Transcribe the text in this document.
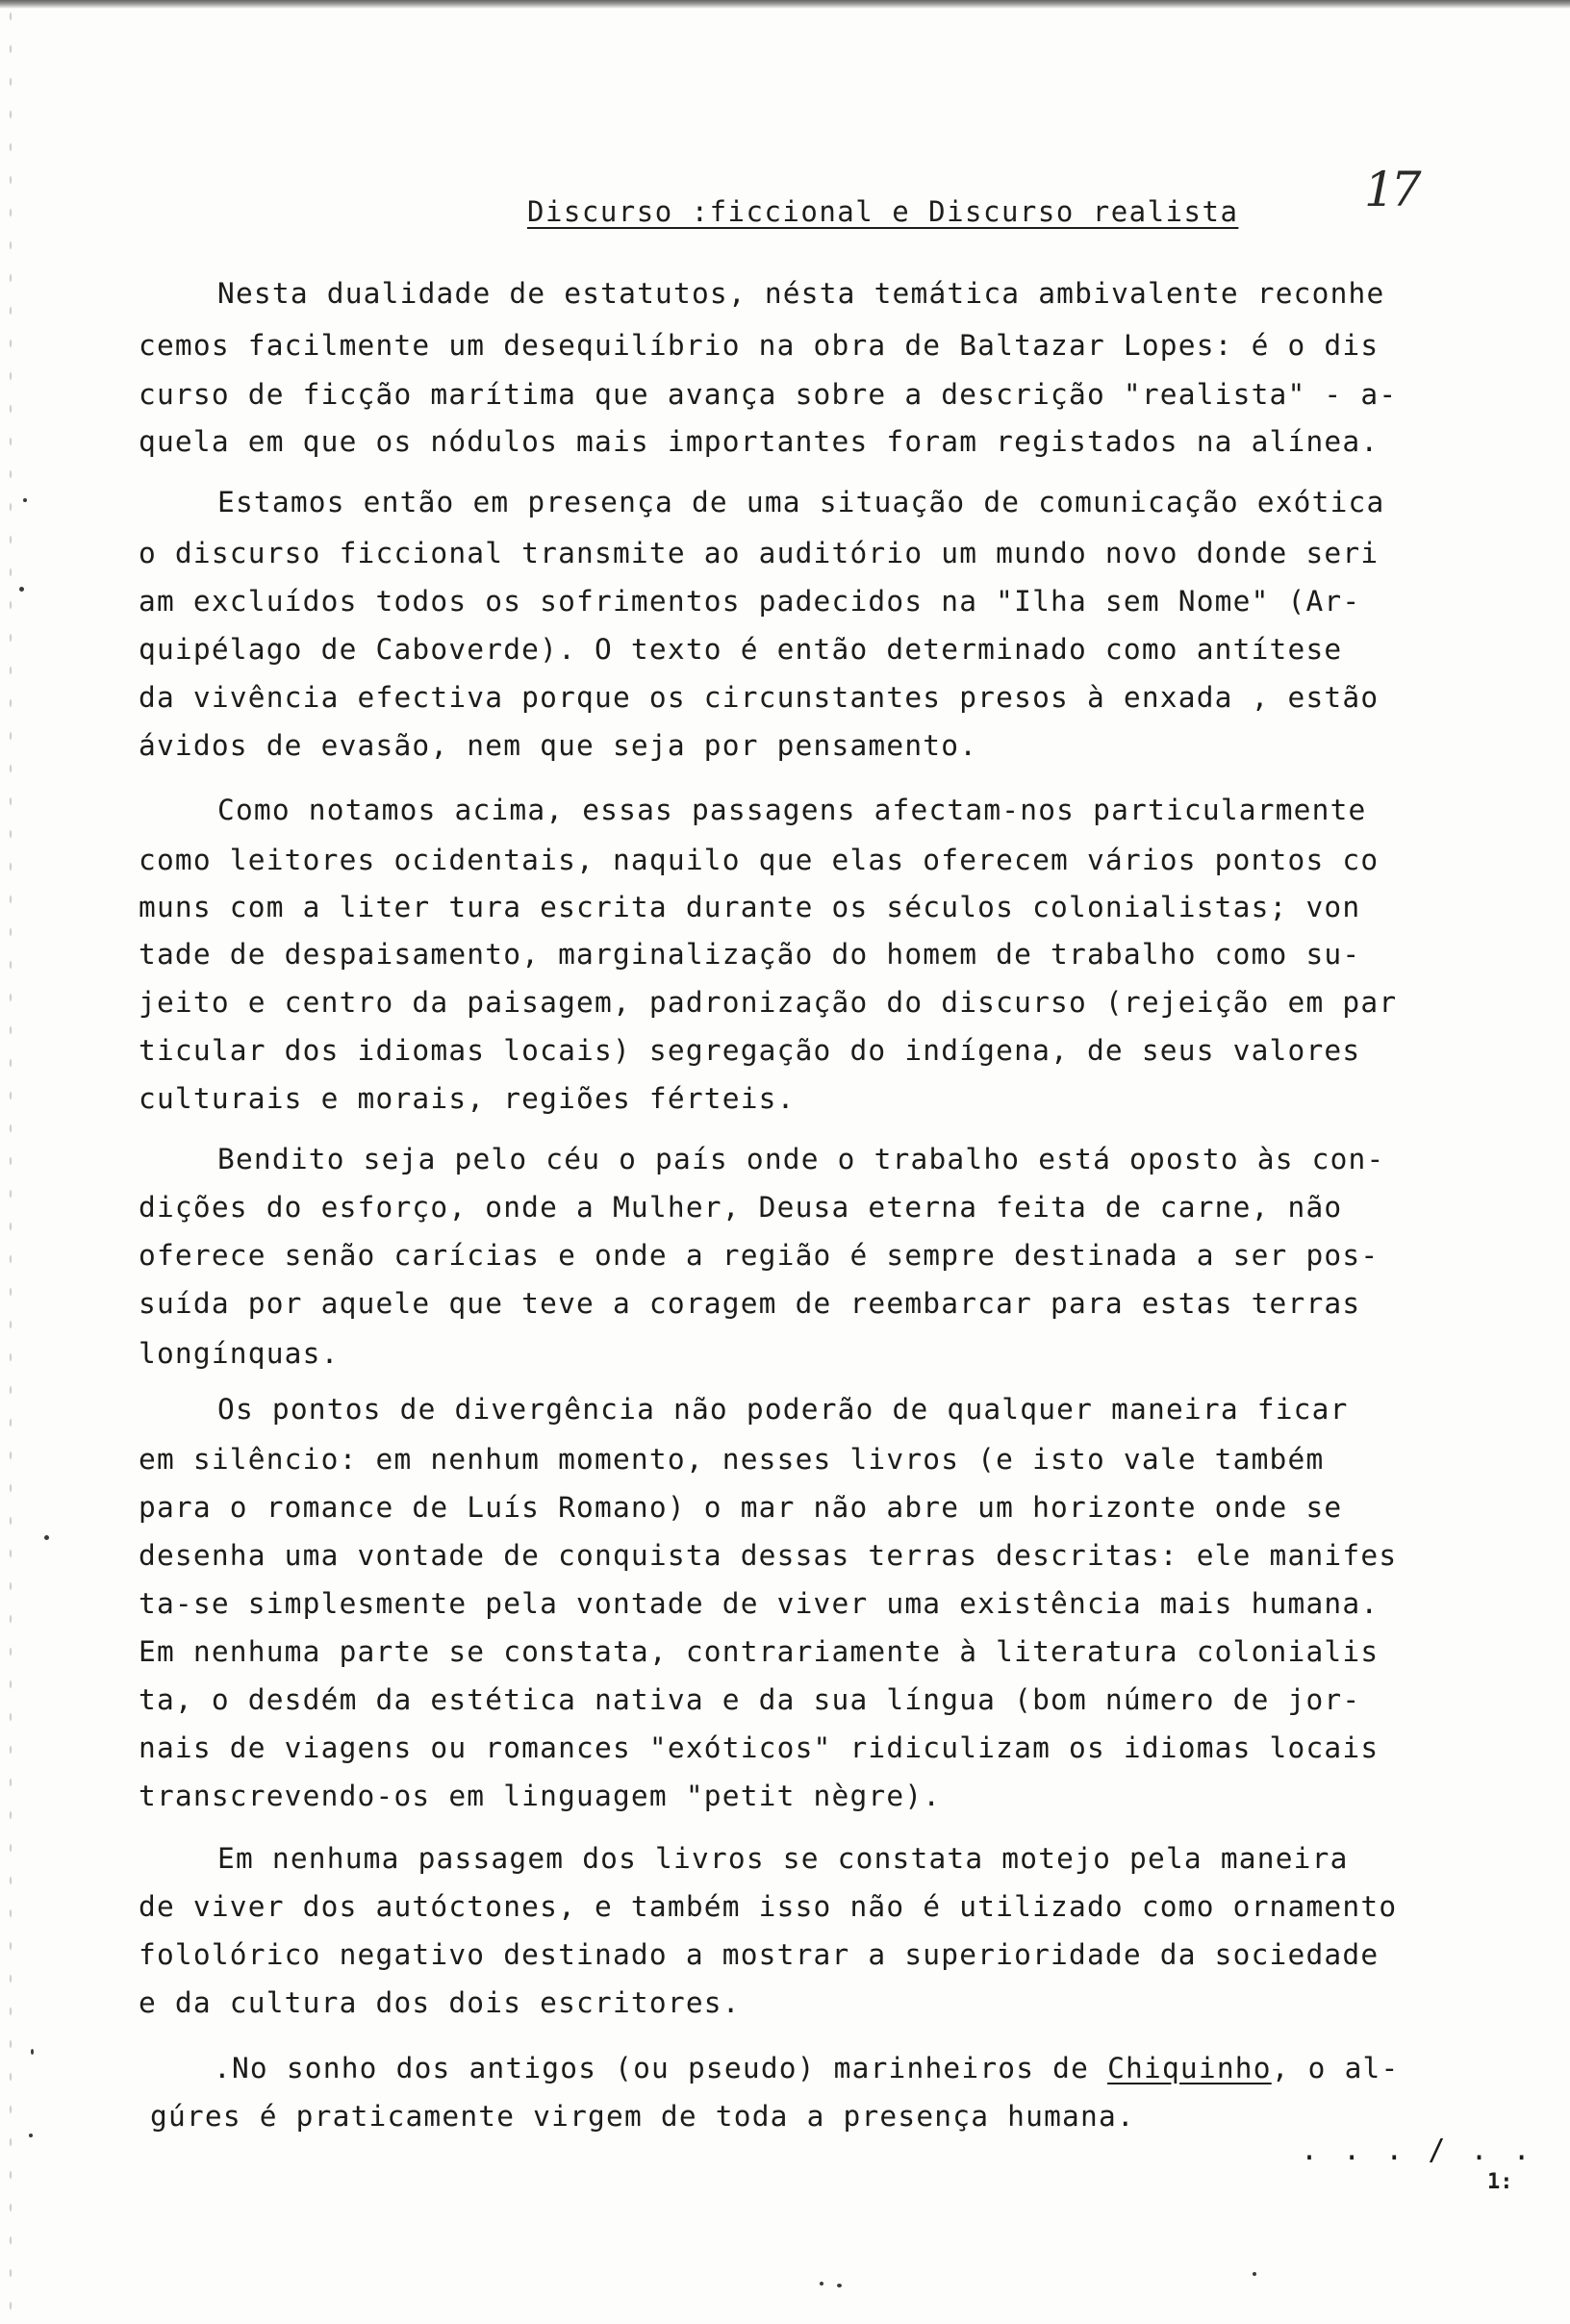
17
Discurso :ficcional e Discurso realista
Nesta dualidade de estatutos, nésta temática ambivalente reconhe
cemos facilmente um desequilíbrio na obra de Baltazar Lopes: é o dis
curso de ficção marítima que avança sobre a descrição "realista" - a-
quela em que os nódulos mais importantes foram registados na alínea.
Estamos então em presença de uma situação de comunicação exótica
o discurso ficcional transmite ao auditório um mundo novo donde seri
am excluídos todos os sofrimentos padecidos na "Ilha sem Nome" (Ar-
quipélago de Caboverde). O texto é então determinado como antítese
da vivência efectiva porque os circunstantes presos à enxada , estão
ávidos de evasão, nem que seja por pensamento.
Como notamos acima, essas passagens afectam-nos particularmente
como leitores ocidentais, naquilo que elas oferecem vários pontos co
muns com a liter tura escrita durante os séculos colonialistas; von
tade de despaisamento, marginalização do homem de trabalho como su-
jeito e centro da paisagem, padronização do discurso (rejeição em par
ticular dos idiomas locais) segregação do indígena, de seus valores
culturais e morais, regiões férteis.
Bendito seja pelo céu o país onde o trabalho está oposto às con-
dições do esforço, onde a Mulher, Deusa eterna feita de carne, não
oferece senão carícias e onde a região é sempre destinada a ser pos-
suída por aquele que teve a coragem de reembarcar para estas terras
longínquas.
Os pontos de divergência não poderão de qualquer maneira ficar
em silêncio: em nenhum momento, nesses livros (e isto vale também
para o romance de Luís Romano) o mar não abre um horizonte onde se
desenha uma vontade de conquista dessas terras descritas: ele manifes
ta-se simplesmente pela vontade de viver uma existência mais humana.
Em nenhuma parte se constata, contrariamente à literatura colonialis
ta, o desdém da estética nativa e da sua língua (bom número de jor-
nais de viagens ou romances "exóticos" ridiculizam os idiomas locais
transcrevendo-os em linguagem "petit nègre).
Em nenhuma passagem dos livros se constata motejo pela maneira
de viver dos autóctones, e também isso não é utilizado como ornamento
fololórico negativo destinado a mostrar a superioridade da sociedade
e da cultura dos dois escritores.
.No sonho dos antigos (ou pseudo) marinheiros de Chiquinho, o al-
gúres é praticamente virgem de toda a presença humana.
. . . / . .
1:
